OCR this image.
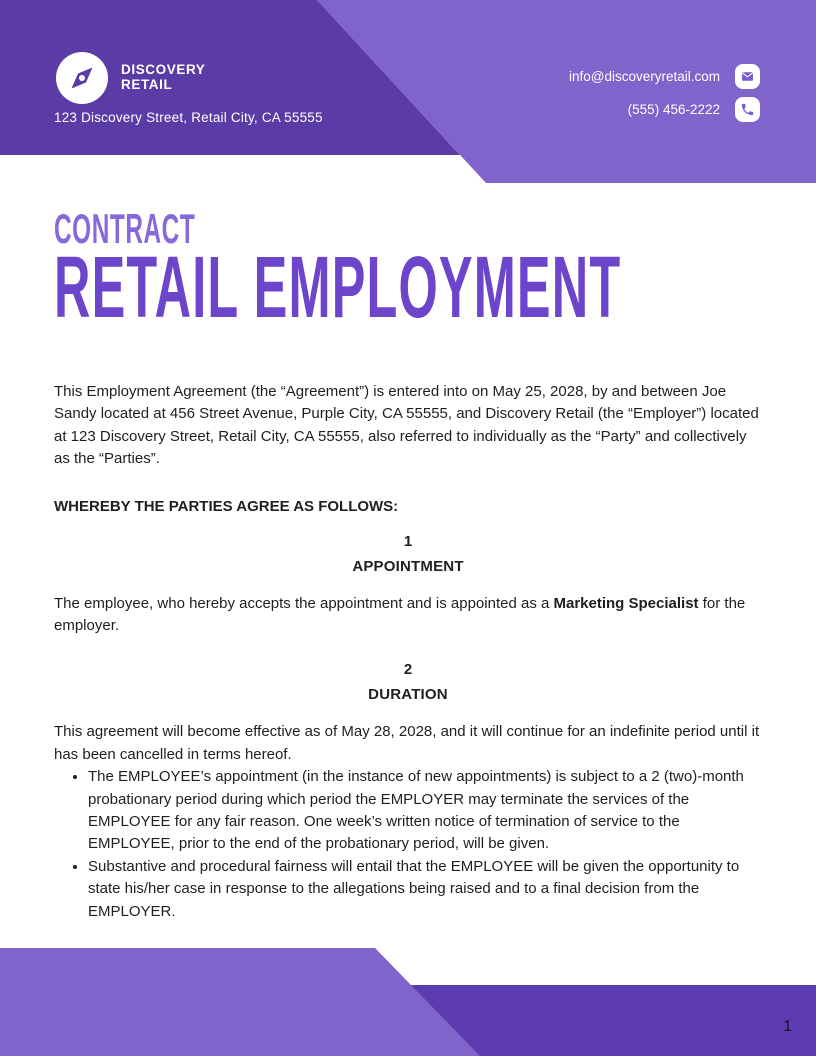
DISCOVERY
RETAIL
123 Discovery Street, Retail City, CA 55555
info@discoveryretail.com
(555) 456-2222
CONTRACT
RETAIL EMPLOYMENT

This Employment Agreement (the “Agreement”) is entered into on May 25, 2028, by and between Joe Sandy located at 456 Street Avenue, Purple City, CA 55555, and Discovery Retail (the “Employer”) located at 123 Discovery Street, Retail City, CA 55555, also referred to individually as the “Party” and collectively as the “Parties”.

WHEREBY THE PARTIES AGREE AS FOLLOWS:

1
APPOINTMENT

The employee, who hereby accepts the appointment and is appointed as a Marketing Specialist for the employer.

2
DURATION

This agreement will become effective as of May 28, 2028, and it will continue for an indefinite period until it has been cancelled in terms hereof.

• The EMPLOYEE’s appointment (in the instance of new appointments) is subject to a 2 (two)-month probationary period during which period the EMPLOYER may terminate the services of the EMPLOYEE for any fair reason. One week’s written notice of termination of service to the EMPLOYEE, prior to the end of the probationary period, will be given.
• Substantive and procedural fairness will entail that the EMPLOYEE will be given the opportunity to state his/her case in response to the allegations being raised and to a final decision from the EMPLOYER.
1
